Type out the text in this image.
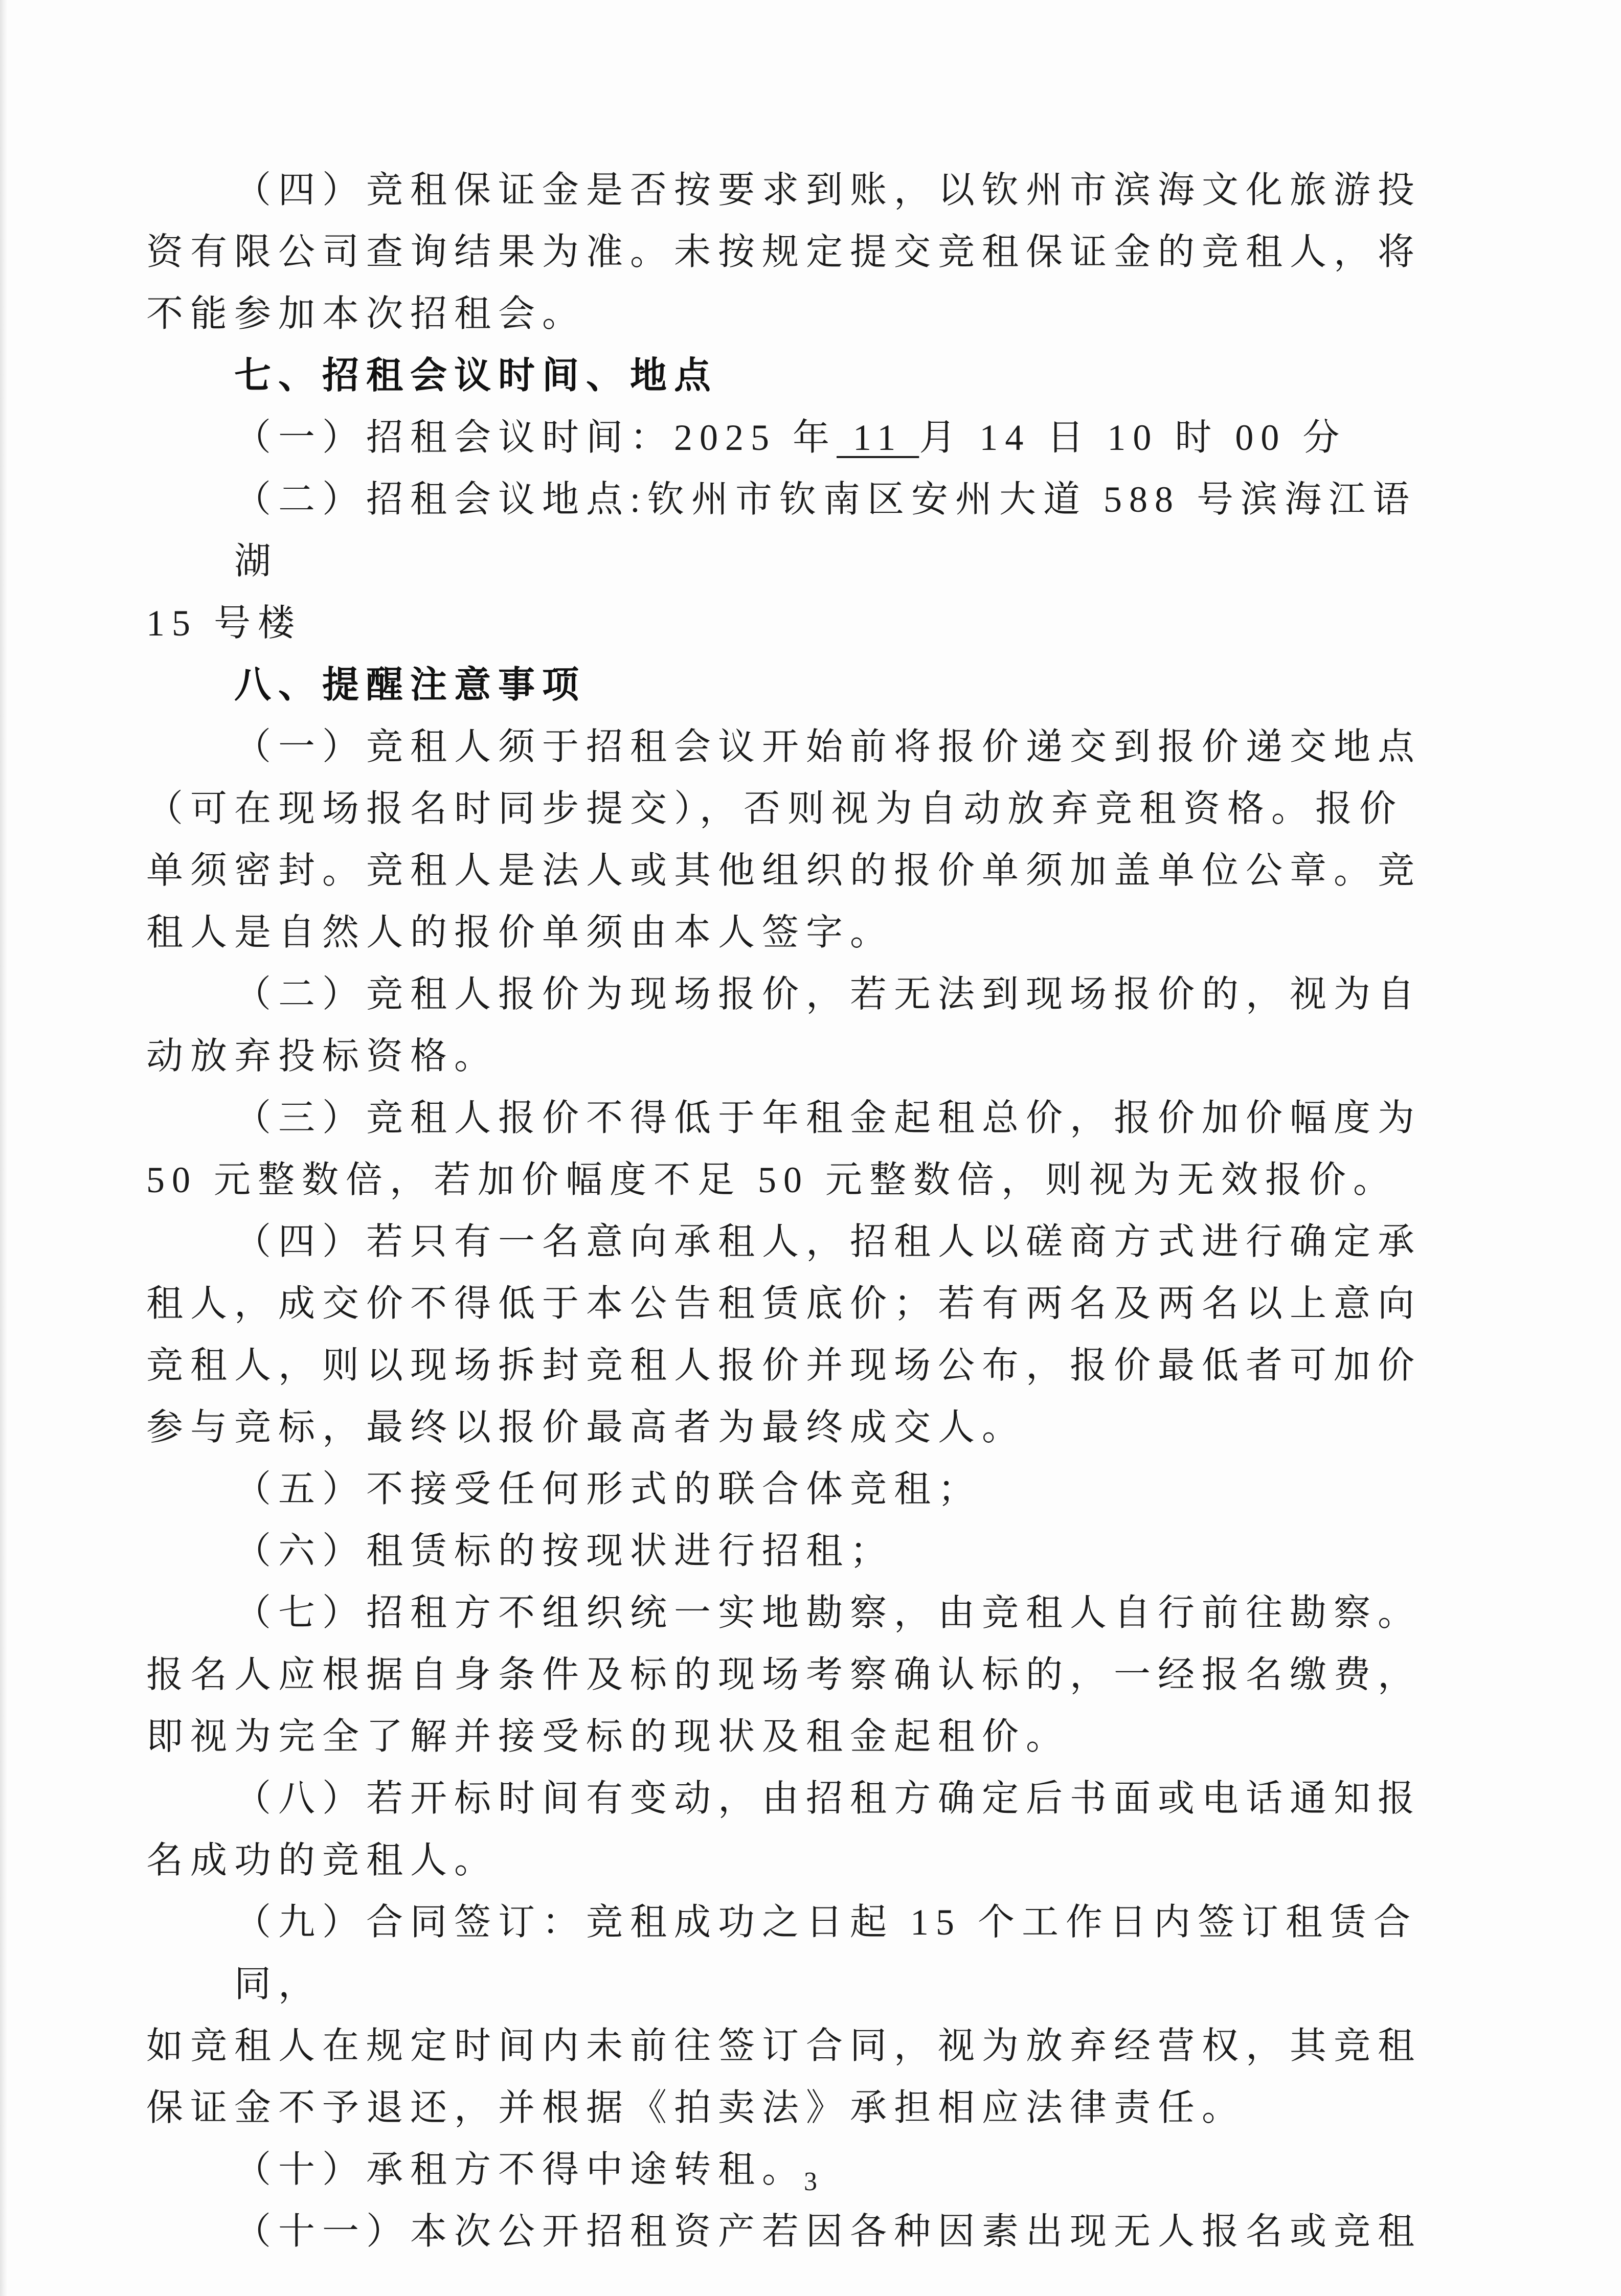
（四）竞租保证金是否按要求到账，以钦州市滨海文化旅游投
资有限公司查询结果为准。未按规定提交竞租保证金的竞租人，将
不能参加本次招租会。
七、招租会议时间、地点
（一）招租会议时间：2025 年 11 月 14 日 10 时 00 分
（二）招租会议地点:钦州市钦南区安州大道 588 号滨海江语湖
15 号楼
八、提醒注意事项
（一）竞租人须于招租会议开始前将报价递交到报价递交地点
（可在现场报名时同步提交），否则视为自动放弃竞租资格。报价
单须密封。竞租人是法人或其他组织的报价单须加盖单位公章。竞
租人是自然人的报价单须由本人签字。
（二）竞租人报价为现场报价，若无法到现场报价的，视为自
动放弃投标资格。
（三）竞租人报价不得低于年租金起租总价，报价加价幅度为
50 元整数倍，若加价幅度不足 50 元整数倍，则视为无效报价。
（四）若只有一名意向承租人，招租人以磋商方式进行确定承
租人，成交价不得低于本公告租赁底价；若有两名及两名以上意向
竞租人，则以现场拆封竞租人报价并现场公布，报价最低者可加价
参与竞标，最终以报价最高者为最终成交人。
（五）不接受任何形式的联合体竞租；
（六）租赁标的按现状进行招租；
（七）招租方不组织统一实地勘察，由竞租人自行前往勘察。
报名人应根据自身条件及标的现场考察确认标的，一经报名缴费，
即视为完全了解并接受标的现状及租金起租价。
（八）若开标时间有变动，由招租方确定后书面或电话通知报
名成功的竞租人。
（九）合同签订：竞租成功之日起 15 个工作日内签订租赁合同，
如竞租人在规定时间内未前往签订合同，视为放弃经营权，其竞租
保证金不予退还，并根据《拍卖法》承担相应法律责任。
（十）承租方不得中途转租。
（十一）本次公开招租资产若因各种因素出现无人报名或竞租
3
